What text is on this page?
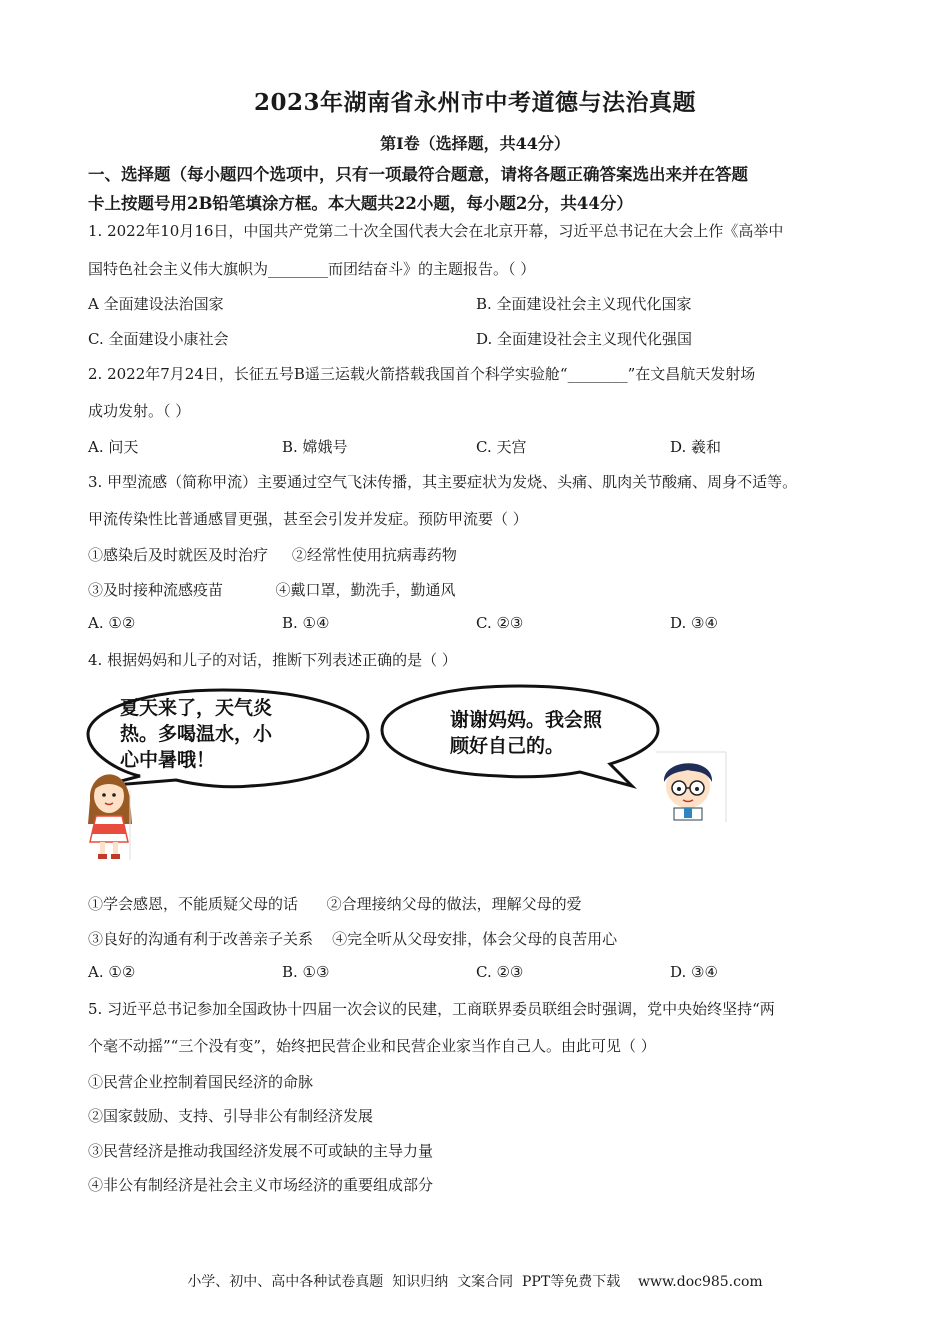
2023年湖南省永州市中考道德与法治真题
第Ⅰ卷（选择题，共44分）
一、选择题（每小题四个选项中，只有一项最符合题意，请将各题正确答案选出来并在答题
卡上按题号用2B铅笔填涂方框。本大题共22小题，每小题2分，共44分）
1. 2022年10月16日，中国共产党第二十次全国代表大会在北京开幕，习近平总书记在大会上作《高举中
国特色社会主义伟大旗帜为________而团结奋斗》的主题报告。（ ）
A 全面建设法治国家	B. 全面建设社会主义现代化国家
C. 全面建设小康社会	D. 全面建设社会主义现代化强国
2. 2022年7月24日，长征五号B遥三运载火箭搭载我国首个科学实验舱“________”在文昌航天发射场
成功发射。（ ）
A. 问天	B. 嫦娥号	C. 天宫	D. 羲和
3. 甲型流感（简称甲流）主要通过空气飞沫传播，其主要症状为发烧、头痛、肌肉关节酸痛、周身不适等。
甲流传染性比普通感冒更强，甚至会引发并发症。预防甲流要（ ）
①感染后及时就医及时治疗     ②经常性使用抗病毒药物
③及时接种流感疫苗           ④戴口罩，勤洗手，勤通风
A. ①②	B. ①④	C. ②③	D. ③④
4. 根据妈妈和儿子的对话，推断下列表述正确的是（ ）
夏天来了，天气炎
热。多喝温水，小
心中暑哦！
谢谢妈妈。我会照
顾好自己的。
①学会感恩，不能质疑父母的话      ②合理接纳父母的做法，理解父母的爱
③良好的沟通有利于改善亲子关系    ④完全听从父母安排，体会父母的良苦用心
A. ①②	B. ①③	C. ②③	D. ③④
5. 习近平总书记参加全国政协十四届一次会议的民建，工商联界委员联组会时强调，党中央始终坚持“两
个毫不动摇”“三个没有变”，始终把民营企业和民营企业家当作自己人。由此可见（ ）
①民营企业控制着国民经济的命脉
②国家鼓励、支持、引导非公有制经济发展
③民营经济是推动我国经济发展不可或缺的主导力量
④非公有制经济是社会主义市场经济的重要组成部分
小学、初中、高中各种试卷真题  知识归纳  文案合同  PPT等免费下载    www.doc985.com
